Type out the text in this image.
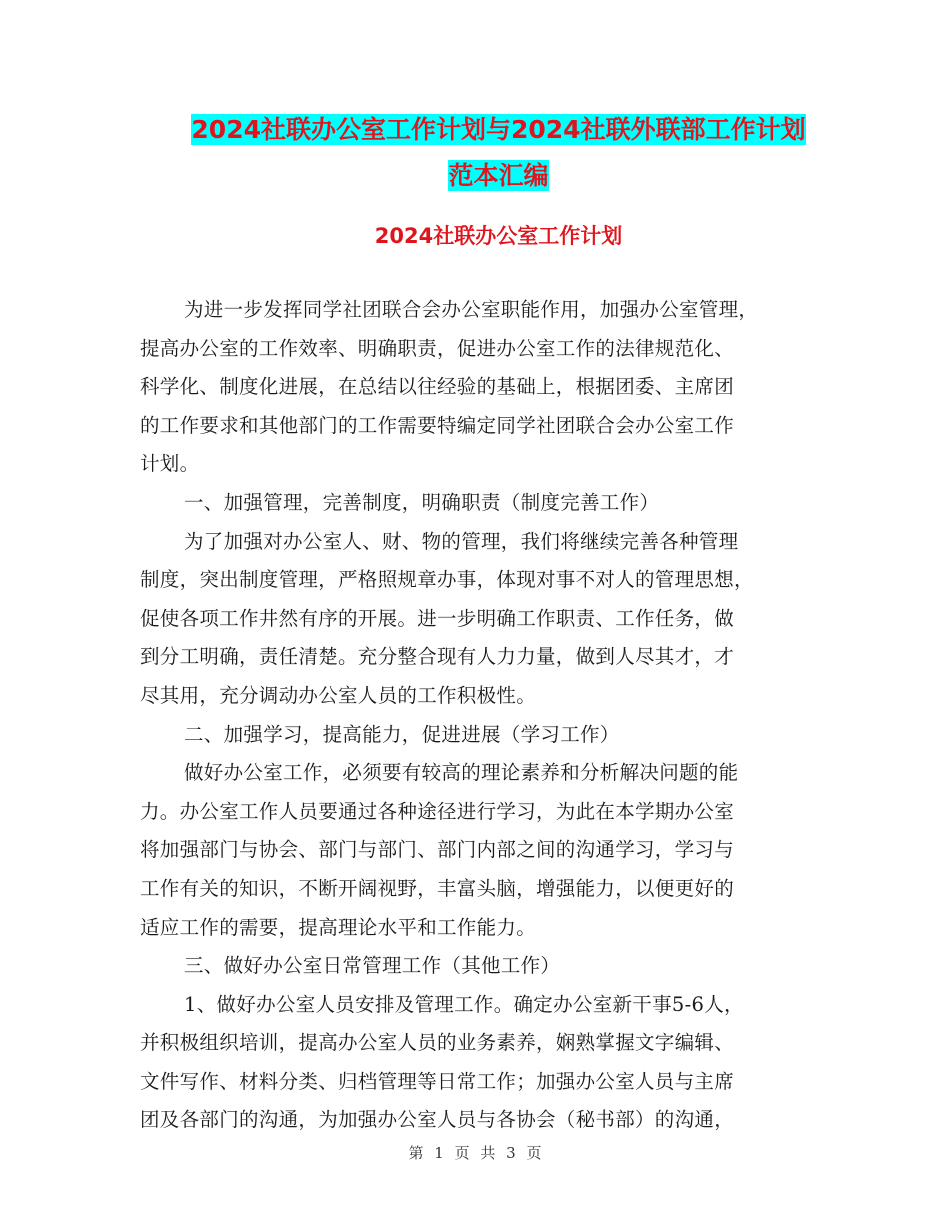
2024社联办公室工作计划与2024社联外联部工作计划
范本汇编
2024社联办公室工作计划
为进一步发挥同学社团联合会办公室职能作用，加强办公室管理，
提高办公室的工作效率、明确职责，促进办公室工作的法律规范化、
科学化、制度化进展，在总结以往经验的基础上，根据团委、主席团
的工作要求和其他部门的工作需要特编定同学社团联合会办公室工作
计划。
一、加强管理，完善制度，明确职责（制度完善工作）
为了加强对办公室人、财、物的管理，我们将继续完善各种管理
制度，突出制度管理，严格照规章办事，体现对事不对人的管理思想，
促使各项工作井然有序的开展。进一步明确工作职责、工作任务，做
到分工明确，责任清楚。充分整合现有人力力量，做到人尽其才，才
尽其用，充分调动办公室人员的工作积极性。
二、加强学习，提高能力，促进进展（学习工作）
做好办公室工作，必须要有较高的理论素养和分析解决问题的能
力。办公室工作人员要通过各种途径进行学习，为此在本学期办公室
将加强部门与协会、部门与部门、部门内部之间的沟通学习，学习与
工作有关的知识，不断开阔视野，丰富头脑，增强能力，以便更好的
适应工作的需要，提高理论水平和工作能力。
三、做好办公室日常管理工作（其他工作）
1、做好办公室人员安排及管理工作。确定办公室新干事5-6人，
并积极组织培训，提高办公室人员的业务素养，娴熟掌握文字编辑、
文件写作、材料分类、归档管理等日常工作；加强办公室人员与主席
团及各部门的沟通，为加强办公室人员与各协会（秘书部）的沟通，
第 1 页 共 3 页
